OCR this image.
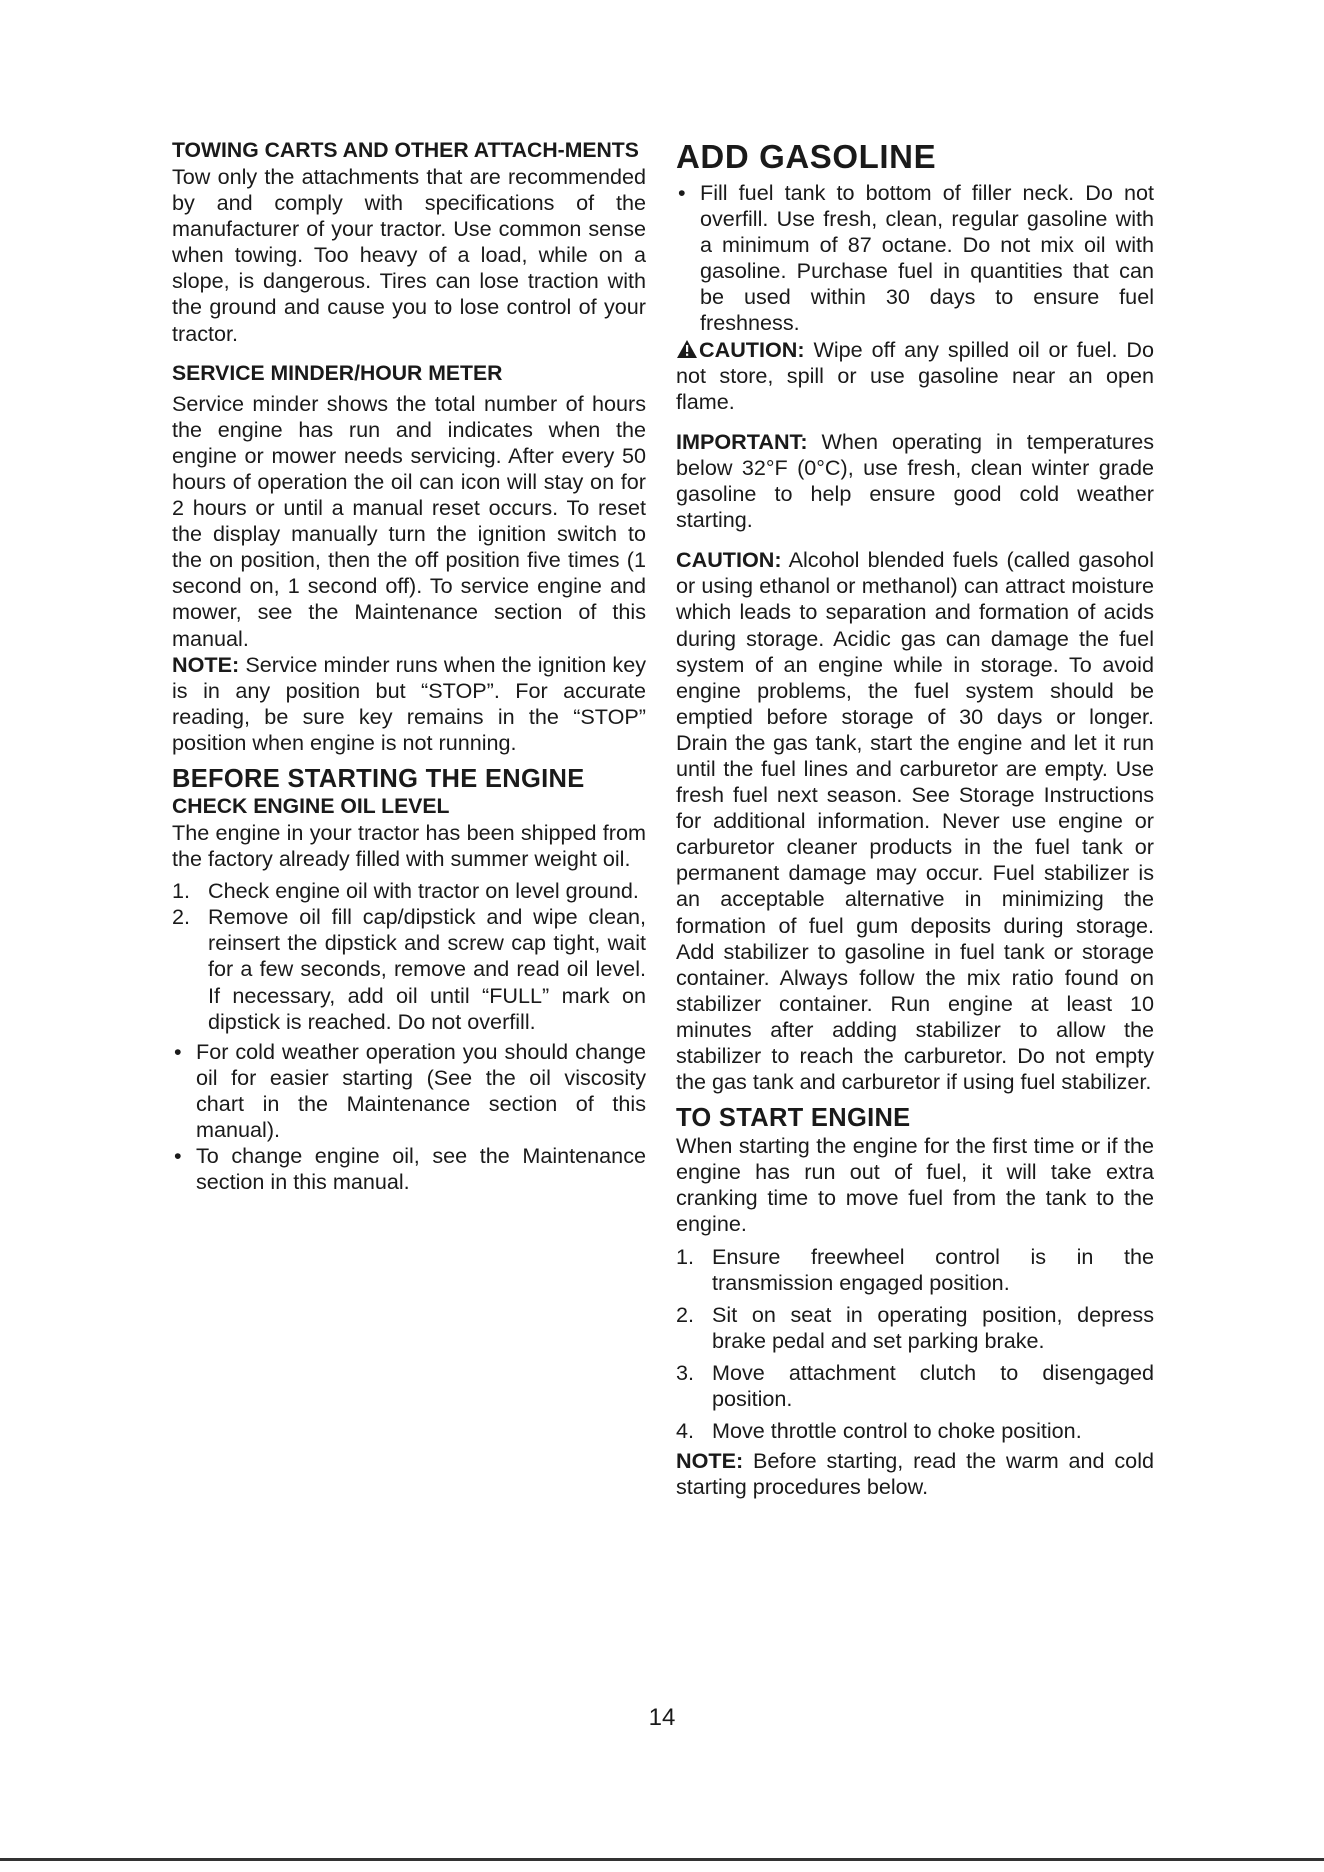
TOWING CARTS AND OTHER ATTACH-MENTS

Tow only the attachments that are recommended by and comply with specifications of the manufacturer of your tractor. Use common sense when towing. Too heavy of a load, while on a slope, is dangerous. Tires can lose traction with the ground and cause you to lose control of your tractor.

SERVICE MINDER/HOUR METER

Service minder shows the total number of hours the engine has run and indicates when the engine or mower needs servicing. After every 50 hours of operation the oil can icon will stay on for 2 hours or until a manual reset occurs. To reset the display manually turn the ignition switch to the on position, then the off position five times (1 second on, 1 second off). To service engine and mower, see the Maintenance section of this manual.

NOTE: Service minder runs when the ignition key is in any position but “STOP”. For accurate reading, be sure key remains in the “STOP” position when engine is not running.

BEFORE STARTING THE ENGINE
CHECK ENGINE OIL LEVEL

The engine in your tractor has been shipped from the factory already filled with summer weight oil.

1. Check engine oil with tractor on level ground.
2. Remove oil fill cap/dipstick and wipe clean, reinsert the dipstick and screw cap tight, wait for a few seconds, remove and read oil level. If necessary, add oil until “FULL” mark on dipstick is reached. Do not overfill.
• For cold weather operation you should change oil for easier starting (See the oil viscosity chart in the Maintenance section of this manual).
• To change engine oil, see the Maintenance section in this manual.
ADD GASOLINE
• Fill fuel tank to bottom of filler neck. Do not overfill. Use fresh, clean, regular gasoline with a minimum of 87 octane. Do not mix oil with gasoline. Purchase fuel in quantities that can be used within 30 days to ensure fuel freshness.

CAUTION: Wipe off any spilled oil or fuel. Do not store, spill or use gasoline near an open flame.

IMPORTANT: When operating in temperatures below 32°F (0°C), use fresh, clean winter grade gasoline to help ensure good cold weather starting.

CAUTION: Alcohol blended fuels (called gasohol or using ethanol or methanol) can attract moisture which leads to separation and formation of acids during storage. Acidic gas can damage the fuel system of an engine while in storage. To avoid engine problems, the fuel system should be emptied before storage of 30 days or longer. Drain the gas tank, start the engine and let it run until the fuel lines and carburetor are empty. Use fresh fuel next season. See Storage Instructions for additional information. Never use engine or carburetor cleaner products in the fuel tank or permanent damage may occur. Fuel stabilizer is an acceptable alternative in minimizing the formation of fuel gum deposits during storage. Add stabilizer to gasoline in fuel tank or storage container. Always follow the mix ratio found on stabilizer container. Run engine at least 10 minutes after adding stabilizer to allow the stabilizer to reach the carburetor. Do not empty the gas tank and carburetor if using fuel stabilizer.

TO START ENGINE

When starting the engine for the first time or if the engine has run out of fuel, it will take extra cranking time to move fuel from the tank to the engine.

1. Ensure freewheel control is in the transmission engaged position.
2. Sit on seat in operating position, depress brake pedal and set parking brake.
3. Move attachment clutch to disengaged position.
4. Move throttle control to choke position.

NOTE: Before starting, read the warm and cold starting procedures below.

14
